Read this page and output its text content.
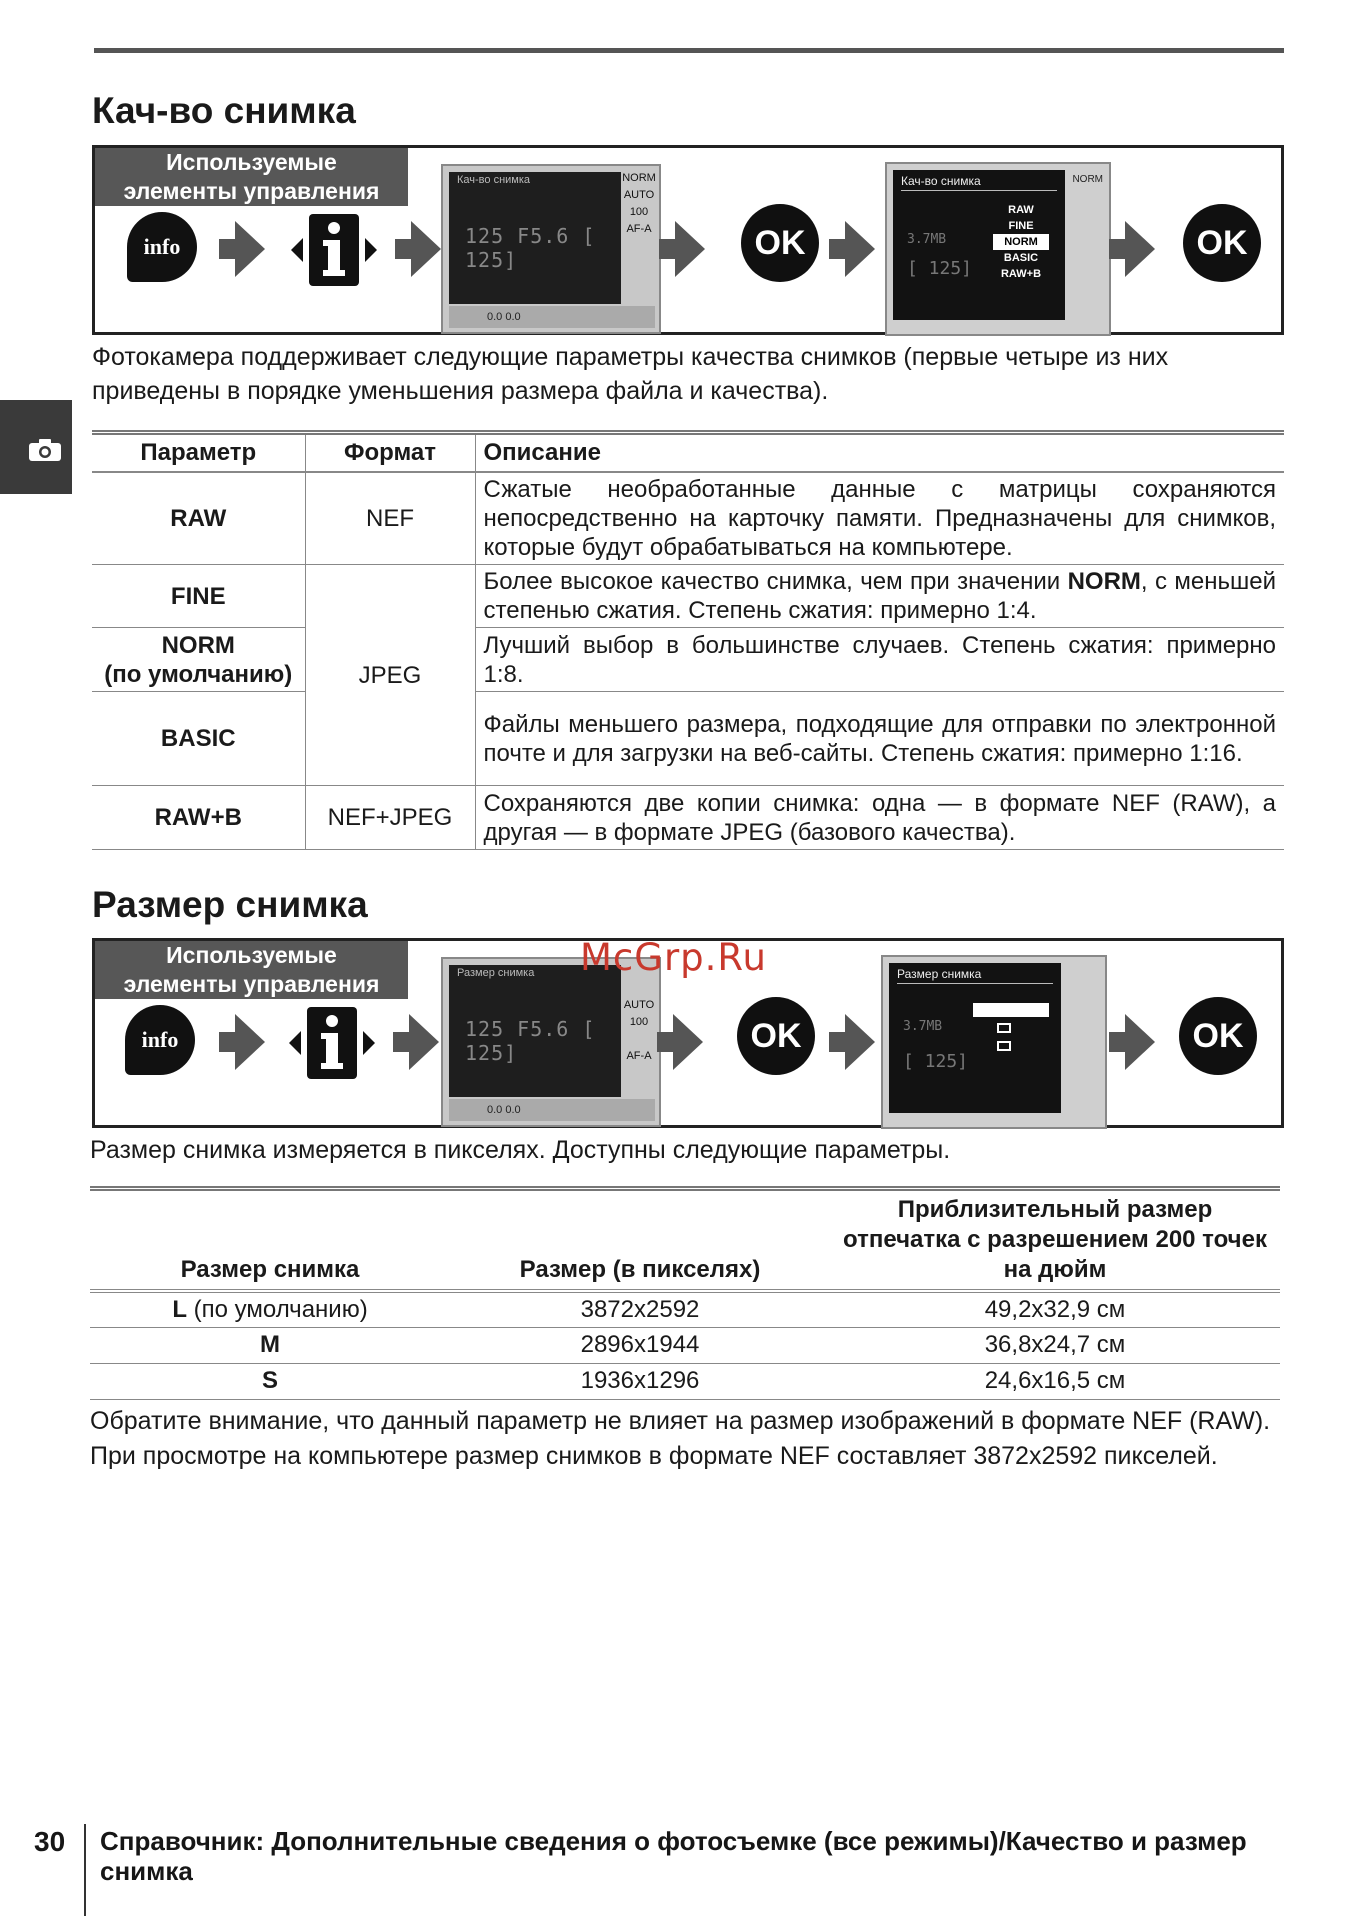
Кач-во снимка
Используемые
элементы управления
info
Кач-во снимка
125 F5.6 [ 125]
NORM
AUTO
100
AF-A
0.0 0.0
OK
Кач-во снимка
RAW
FINE
NORM
BASIC
RAW+B
3.7MB
[ 125]
NORM
OK

Фотокамера поддерживает следующие параметры качества снимков (первые четыре из них приведены в порядке уменьшения размера файла и качества).

Параметр	Формат	Описание
RAW	NEF	Сжатые необработанные данные с матрицы сохраняются непосредственно на карточку памяти. Предназначены для снимков, которые будут обрабатываться на компьютере.
FINE	JPEG	Более высокое качество снимка, чем при значении NORM, с меньшей степенью сжатия. Степень сжатия: примерно 1:4.

NORM
(по умолчанию)		Лучший выбор в большинстве случаев. Степень сжатия: примерно 1:8.
BASIC		Файлы меньшего размера, подходящие для отправки по электронной почте и для загрузки на веб-сайты. Степень сжатия: примерно 1:16.
RAW+B	NEF+JPEG	Сохраняются две копии снимка: одна — в формате NEF (RAW), а другая — в формате JPEG (базового качества).
Размер снимка
Используемые
элементы управления
info
Размер снимка
125 F5.6 [ 125]

AUTO
100

AF-A
0.0 0.0
OK
Размер снимка
3.7MB
[ 125]
OK
McGrp.Ru

Размер снимка измеряется в пикселях. Доступны следующие параметры.

Размер снимка	Размер (в пикселях)	Приблизительный размер отпечатка с разрешением 200 точек на дюйм
L (по умолчанию)	3872x2592	49,2x32,9 см
M	2896x1944	36,8x24,7 см
S	1936x1296	24,6x16,5 см

Обратите внимание, что данный параметр не влияет на размер изображений в формате NEF (RAW). При просмотре на компьютере размер снимков в формате NEF составляет 3872x2592 пикселей.

30 Справочник: Дополнительные сведения о фотосъемке (все режимы)/Качество и размер снимка
